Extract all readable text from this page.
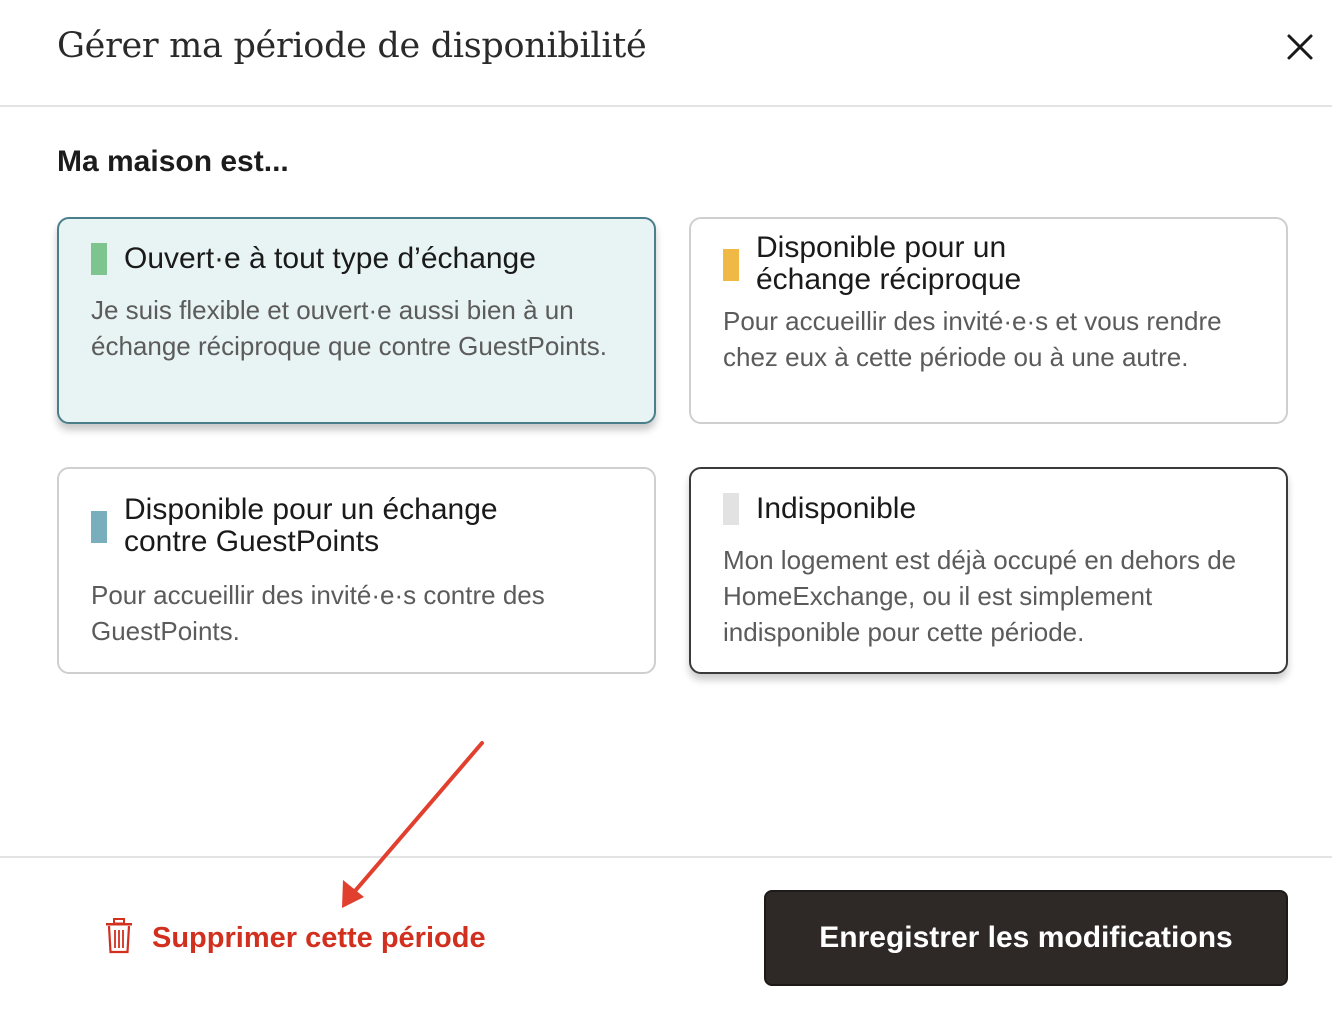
Gérer ma période de disponibilité
Ma maison est...
Ouvert·e à tout type d’échange
Je suis flexible et ouvert·e aussi bien à un échange réciproque que contre GuestPoints.
Disponible pour un échange réciproque
Pour accueillir des invité·e·s et vous rendre chez eux à cette période ou à une autre.
Disponible pour un échange contre GuestPoints
Pour accueillir des invité·e·s contre des GuestPoints.
Indisponible
Mon logement est déjà occupé en dehors de HomeExchange, ou il est simplement indisponible pour cette période.
Supprimer cette période	Enregistrer les modifications
